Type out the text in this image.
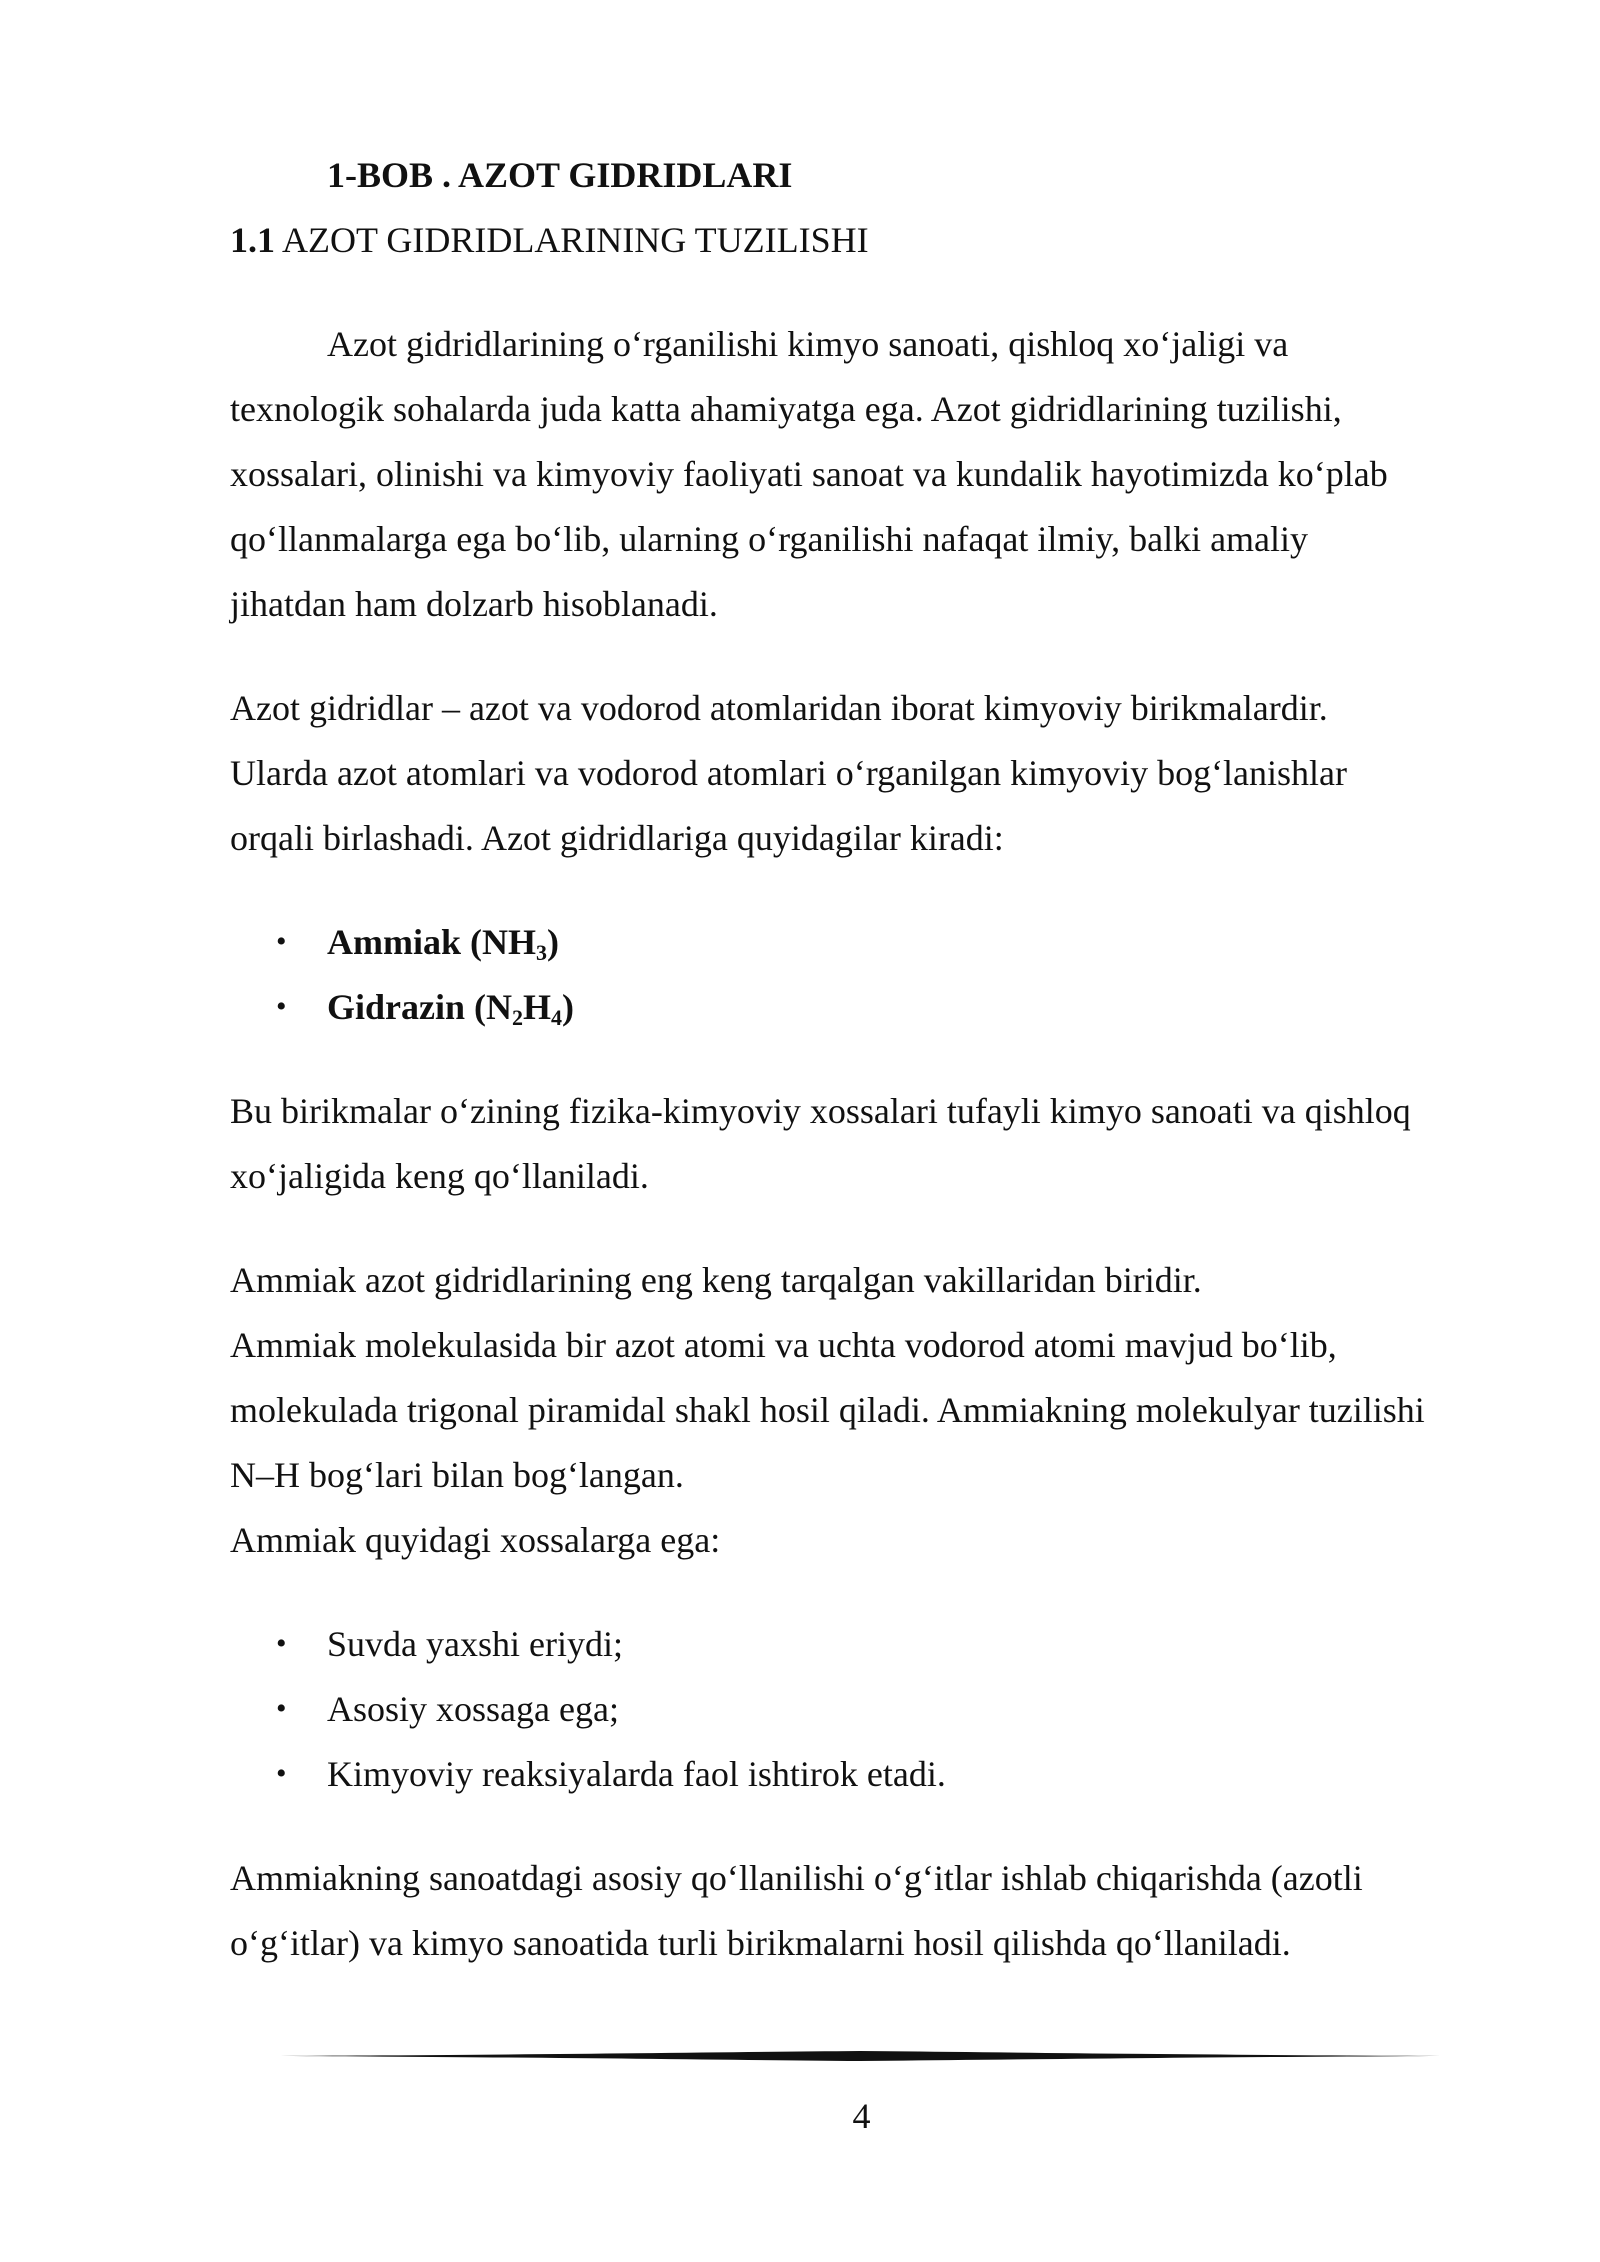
1-BOB . AZOT GIDRIDLARI
1.1 AZOT GIDRIDLARINING TUZILISHI
Azot gidridlarining o‘rganilishi kimyo sanoati, qishloq xo‘jaligi va
texnologik sohalarda juda katta ahamiyatga ega. Azot gidridlarining tuzilishi,
xossalari, olinishi va kimyoviy faoliyati sanoat va kundalik hayotimizda ko‘plab
qo‘llanmalarga ega bo‘lib, ularning o‘rganilishi nafaqat ilmiy, balki amaliy
jihatdan ham dolzarb hisoblanadi.
Azot gidridlar – azot va vodorod atomlaridan iborat kimyoviy birikmalardir.
Ularda azot atomlari va vodorod atomlari o‘rganilgan kimyoviy bog‘lanishlar
orqali birlashadi. Azot gidridlariga quyidagilar kiradi:
• Ammiak $(NH_3)$
• Gidrazin $(N_2H_4)$
Bu birikmalar o‘zining fizika-kimyoviy xossalari tufayli kimyo sanoati va qishloq
xo‘jaligida keng qo‘llaniladi.
Ammiak azot gidridlarining eng keng tarqalgan vakillaridan biridir.
Ammiak molekulasida bir azot atomi va uchta vodorod atomi mavjud bo‘lib,
molekulada trigonal piramidal shakl hosil qiladi. Ammiakning molekulyar tuzilishi
N–H bog‘lari bilan bog‘langan.
Ammiak quyidagi xossalarga ega:
• Suvda yaxshi eriydi;
• Asosiy xossaga ega;
• Kimyoviy reaksiyalarda faol ishtirok etadi.
Ammiakning sanoatdagi asosiy qo‘llanilishi o‘g‘itlar ishlab chiqarishda (azotli
o‘g‘itlar) va kimyo sanoatida turli birikmalarni hosil qilishda qo‘llaniladi.
4
